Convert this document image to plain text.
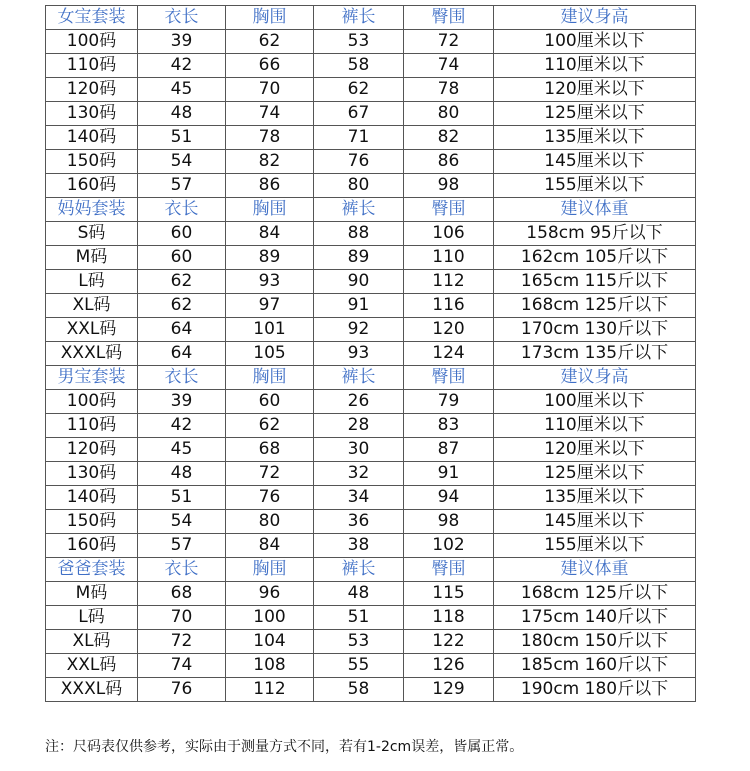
女宝套装	衣长	胸围	裤长	臀围	建议身高
100码	39	62	53	72	100厘米以下
110码	42	66	58	74	110厘米以下
120码	45	70	62	78	120厘米以下
130码	48	74	67	80	125厘米以下
140码	51	78	71	82	135厘米以下
150码	54	82	76	86	145厘米以下
160码	57	86	80	98	155厘米以下
妈妈套装	衣长	胸围	裤长	臀围	建议体重
S码	60	84	88	106	158cm 95斤以下
M码	60	89	89	110	162cm 105斤以下
L码	62	93	90	112	165cm 115斤以下
XL码	62	97	91	116	168cm 125斤以下
XXL码	64	101	92	120	170cm 130斤以下
XXXL码	64	105	93	124	173cm 135斤以下
男宝套装	衣长	胸围	裤长	臀围	建议身高
100码	39	60	26	79	100厘米以下
110码	42	62	28	83	110厘米以下
120码	45	68	30	87	120厘米以下
130码	48	72	32	91	125厘米以下
140码	51	76	34	94	135厘米以下
150码	54	80	36	98	145厘米以下
160码	57	84	38	102	155厘米以下
爸爸套装	衣长	胸围	裤长	臀围	建议体重
M码	68	96	48	115	168cm 125斤以下
L码	70	100	51	118	175cm 140斤以下
XL码	72	104	53	122	180cm 150斤以下
XXL码	74	108	55	126	185cm 160斤以下
XXXL码	76	112	58	129	190cm 180斤以下
注：尺码表仅供参考，实际由于测量方式不同，若有1-2cm误差，皆属正常。
